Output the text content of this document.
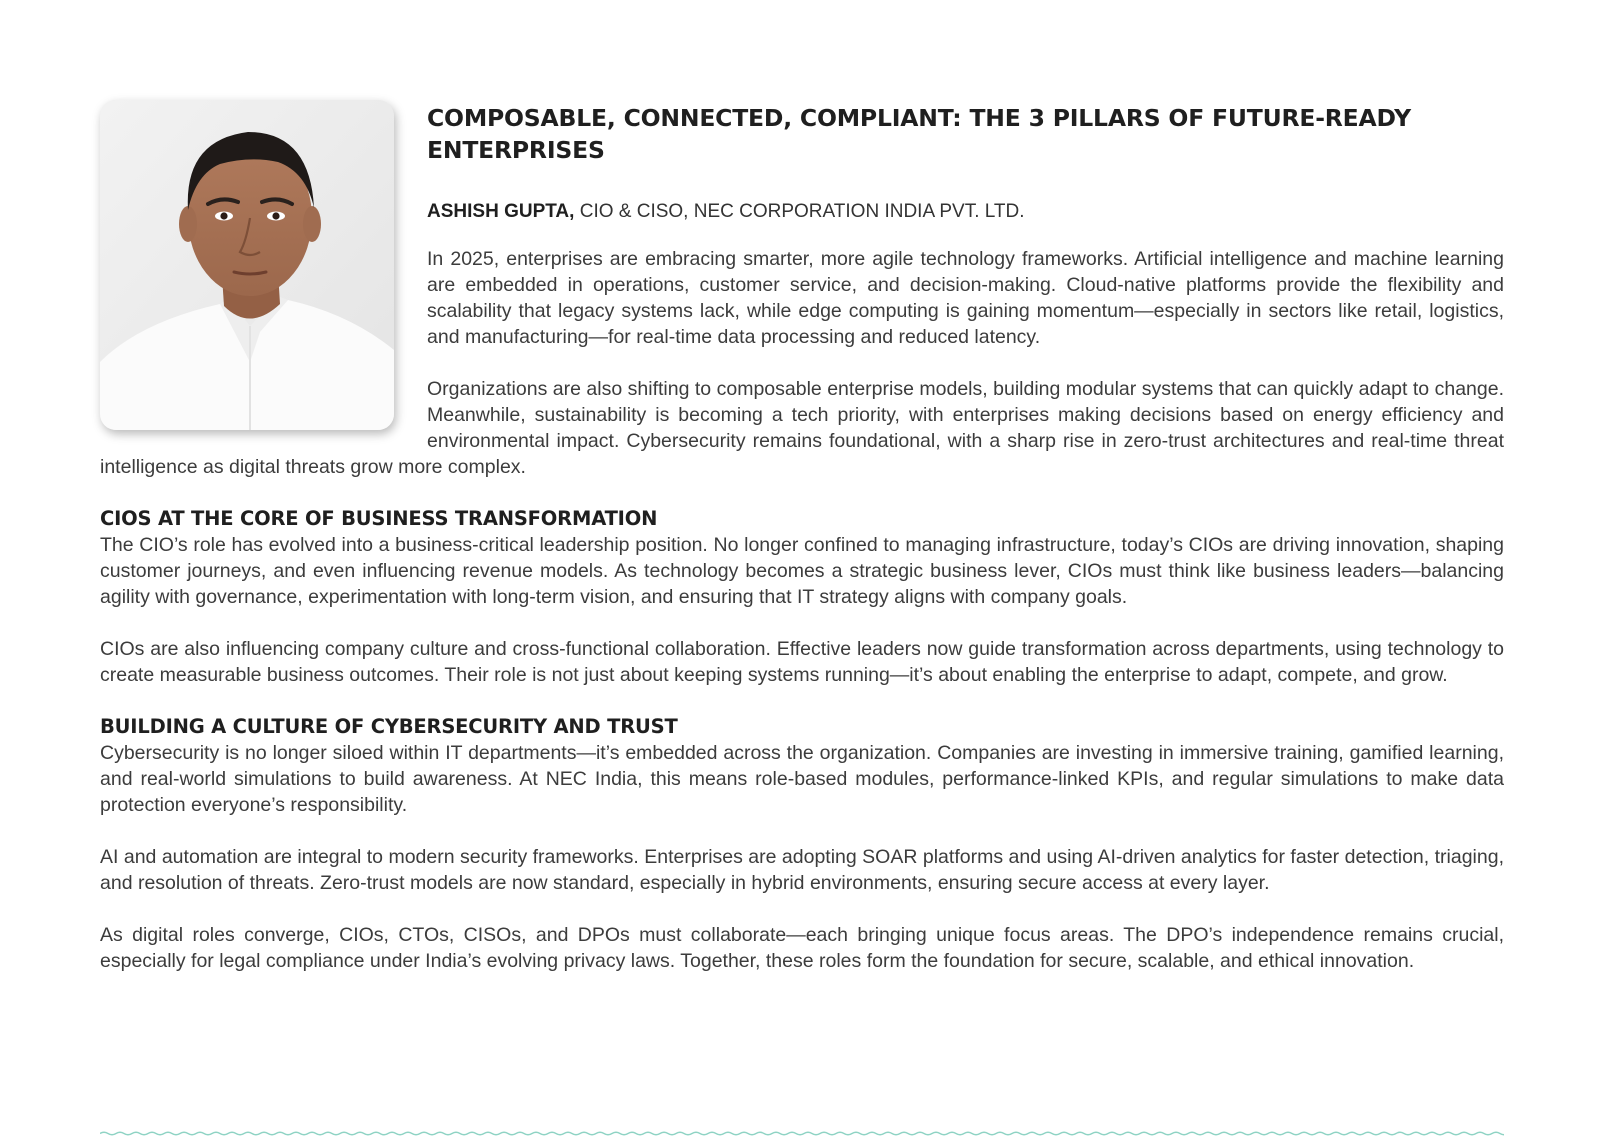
COMPOSABLE, CONNECTED, COMPLIANT: THE 3 PILLARS OF FUTURE-READY ENTERPRISES
ASHISH GUPTA, CIO & CISO, NEC CORPORATION INDIA PVT. LTD.

In 2025, enterprises are embracing smarter, more agile technology frameworks. Artificial intelligence and machine learning are embedded in operations, customer service, and decision-making. Cloud-native platforms provide the flexibility and scalability that legacy systems lack, while edge computing is gaining momentum—especially in sectors like retail, logistics, and manufacturing—for real-time data processing and reduced latency.

Organizations are also shifting to composable enterprise models, building modular systems that can quickly adapt to change. Meanwhile, sustainability is becoming a tech priority, with enterprises making decisions based on energy efficiency and environmental impact. Cybersecurity remains foundational, with a sharp rise in zero-trust architectures and real-time threat intelligence as digital threats grow more complex.

CIOS AT THE CORE OF BUSINESS TRANSFORMATION

The CIO’s role has evolved into a business-critical leadership position. No longer confined to managing infrastructure, today’s CIOs are driving innovation, shaping customer journeys, and even influencing revenue models. As technology becomes a strategic business lever, CIOs must think like business leaders—balancing agility with governance, experimentation with long-term vision, and ensuring that IT strategy aligns with company goals.

CIOs are also influencing company culture and cross-functional collaboration. Effective leaders now guide transformation across departments, using technology to create measurable business outcomes. Their role is not just about keeping systems running—it’s about enabling the enterprise to adapt, compete, and grow.

BUILDING A CULTURE OF CYBERSECURITY AND TRUST

Cybersecurity is no longer siloed within IT departments—it’s embedded across the organization. Companies are investing in immersive training, gamified learning, and real-world simulations to build awareness. At NEC India, this means role-based modules, performance-linked KPIs, and regular simulations to make data protection everyone’s responsibility.

AI and automation are integral to modern security frameworks. Enterprises are adopting SOAR platforms and using AI-driven analytics for faster detection, triaging, and resolution of threats. Zero-trust models are now standard, especially in hybrid environments, ensuring secure access at every layer.

As digital roles converge, CIOs, CTOs, CISOs, and DPOs must collaborate—each bringing unique focus areas. The DPO’s independence remains crucial, especially for legal compliance under India’s evolving privacy laws. Together, these roles form the foundation for secure, scalable, and ethical innovation.
